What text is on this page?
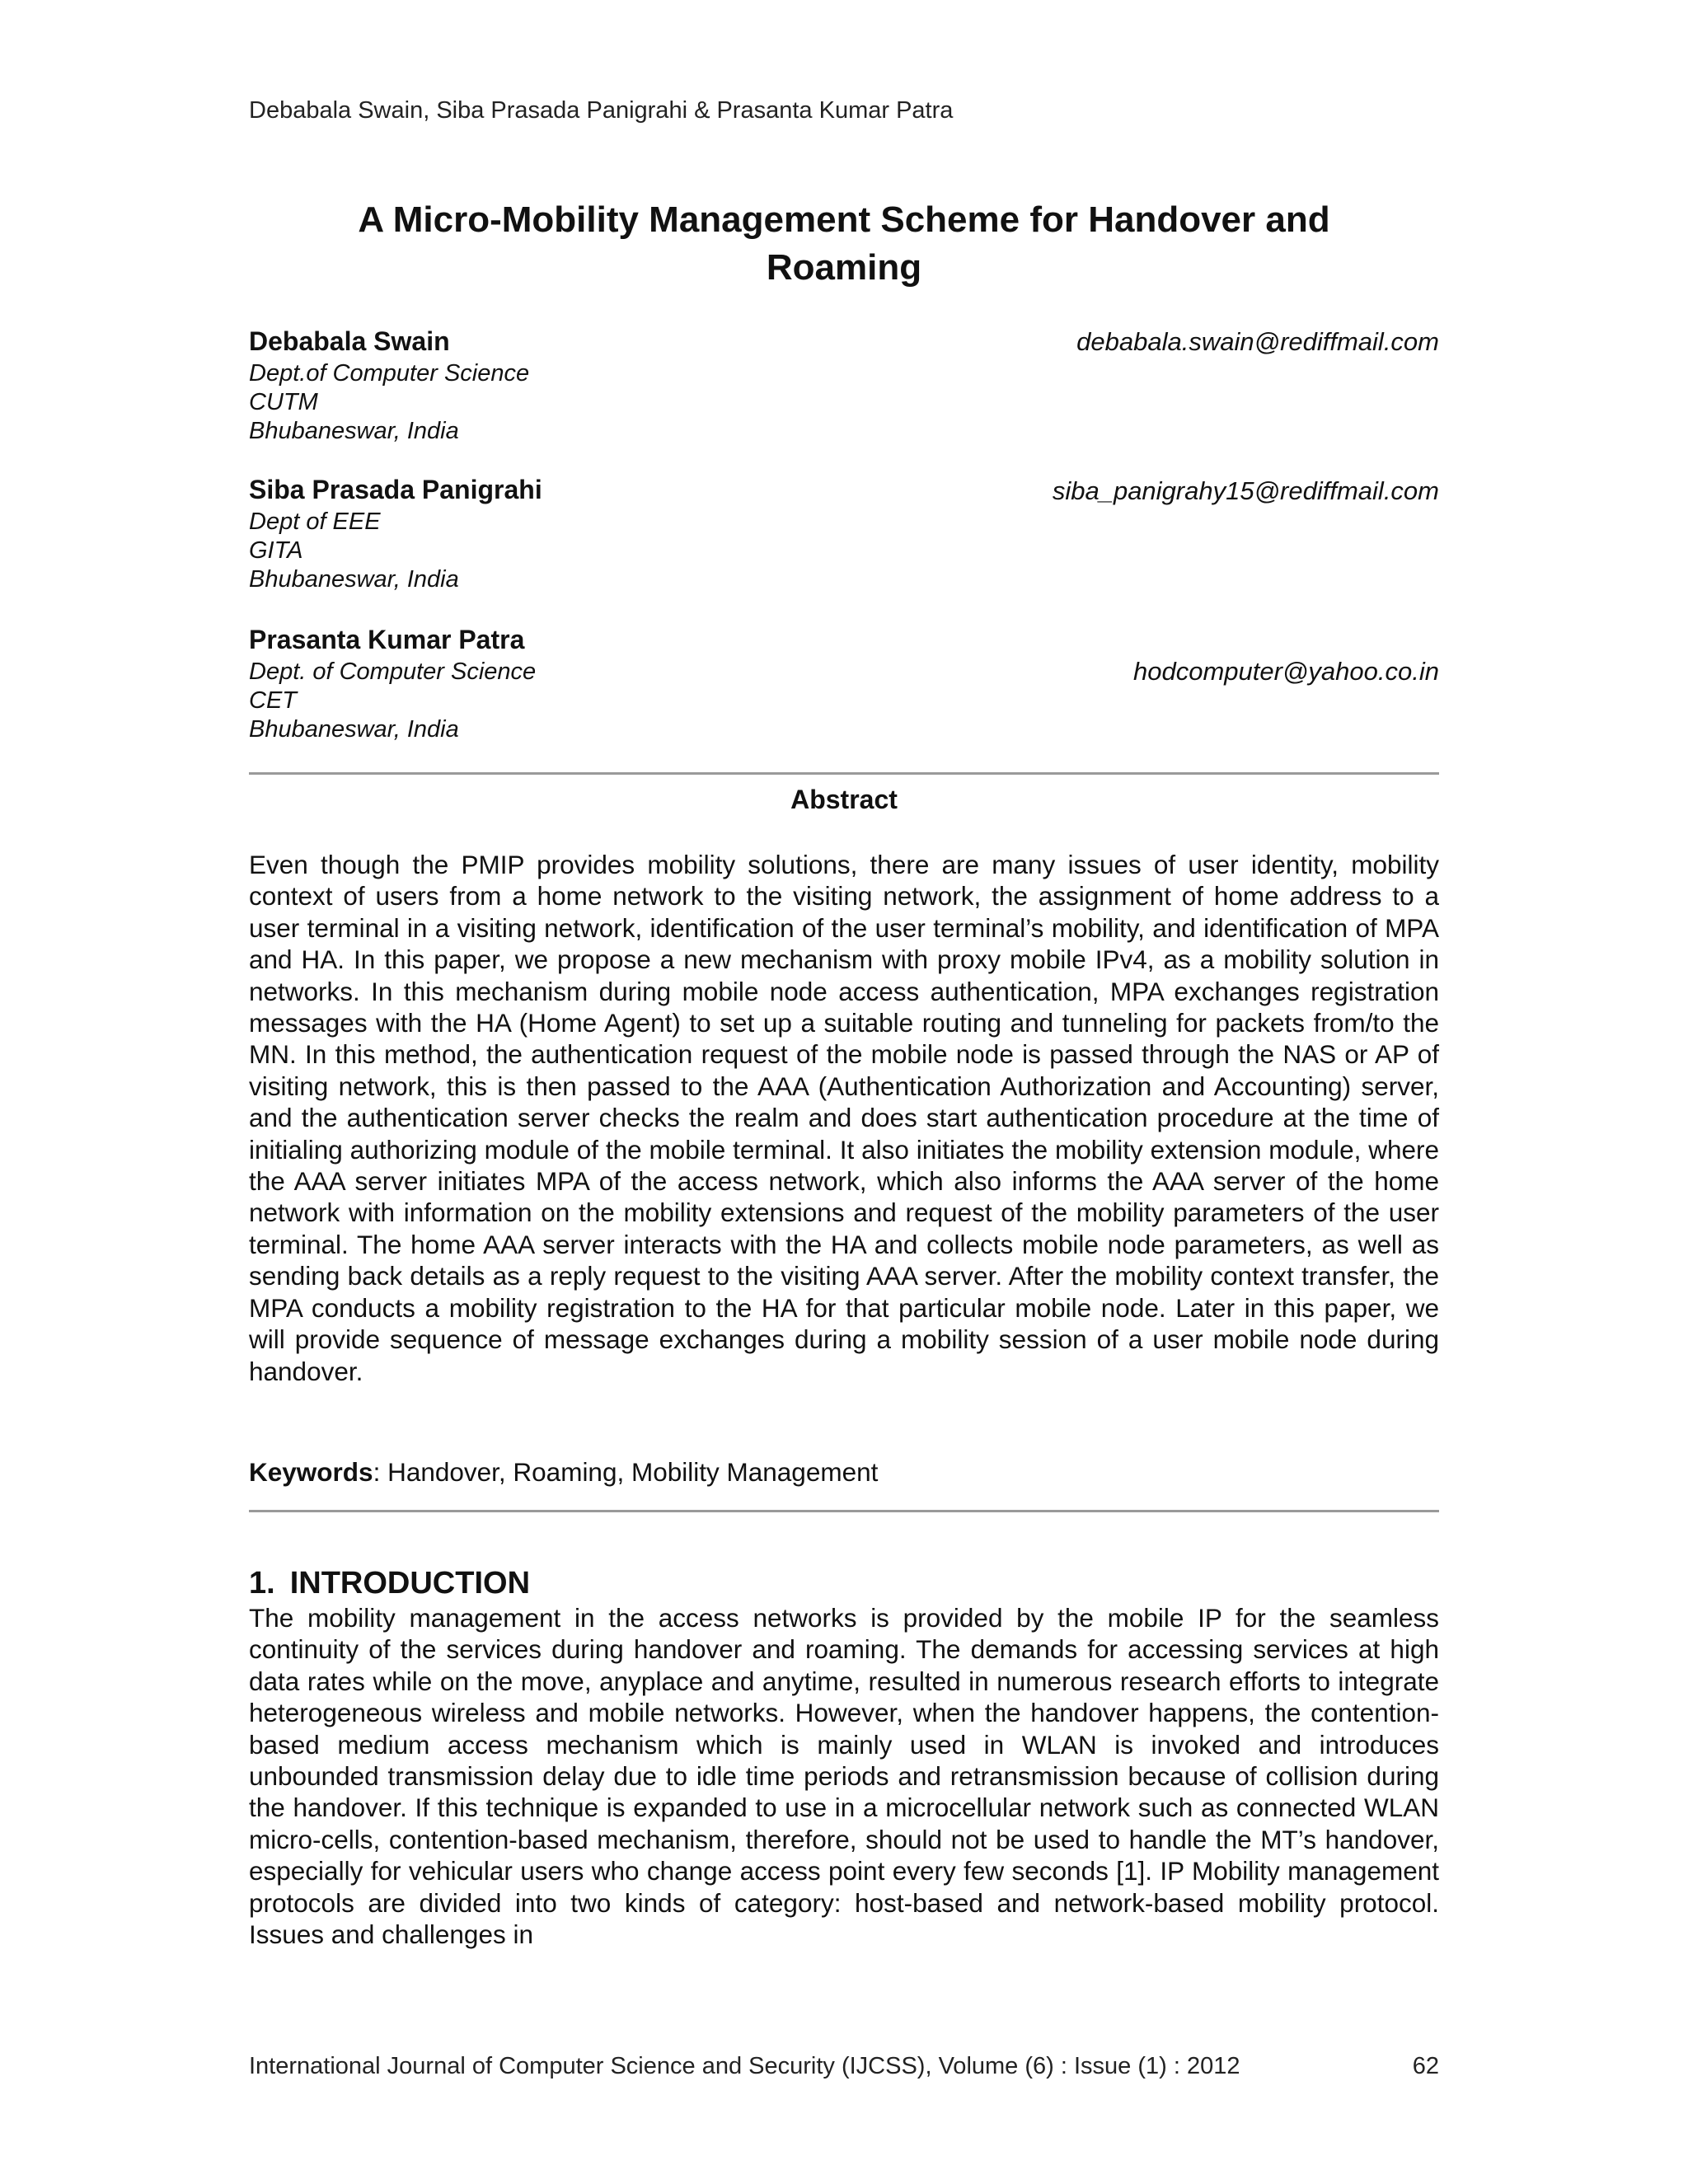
Debabala Swain, Siba Prasada Panigrahi & Prasanta Kumar Patra
A Micro-Mobility Management Scheme for Handover and
Roaming
Debabala Swain	debabala.swain@rediffmail.com
Dept.of Computer Science
CUTM
Bhubaneswar, India
Siba Prasada Panigrahi	siba_panigrahy15@rediffmail.com
Dept of EEE
GITA
Bhubaneswar, India
Prasanta Kumar Patra
hodcomputer@yahoo.co.in
Dept. of Computer Science
CET
Bhubaneswar, India
Abstract
Even though the PMIP provides mobility solutions, there are many issues of user identity, mobility context of users from a home network to the visiting network, the assignment of home address to a user terminal in a visiting network, identification of the user terminal’s mobility, and identification of MPA and HA. In this paper, we propose a new mechanism with proxy mobile IPv4, as a mobility solution in networks. In this mechanism during mobile node access authentication, MPA exchanges registration messages with the HA (Home Agent) to set up a suitable routing and tunneling for packets from/to the MN. In this method, the authentication request of the mobile node is passed through the NAS or AP of visiting network, this is then passed to the AAA (Authentication Authorization and Accounting) server, and the authentication server checks the realm and does start authentication procedure at the time of initialing authorizing module of the mobile terminal. It also initiates the mobility extension module, where the AAA server initiates MPA of the access network, which also informs the AAA server of the home network with information on the mobility extensions and request of the mobility parameters of the user terminal. The home AAA server interacts with the HA and collects mobile node parameters, as well as sending back details as a reply request to the visiting AAA server. After the mobility context transfer, the MPA conducts a mobility registration to the HA for that particular mobile node. Later in this paper, we will provide sequence of message exchanges during a mobility session of a user mobile node during handover.
Keywords: Handover, Roaming, Mobility Management
1. INTRODUCTION
The mobility management in the access networks is provided by the mobile IP for the seamless continuity of the services during handover and roaming. The demands for accessing services at high data rates while on the move, anyplace and anytime, resulted in numerous research efforts to integrate heterogeneous wireless and mobile networks. However, when the handover happens, the contention-based medium access mechanism which is mainly used in WLAN is invoked and introduces unbounded transmission delay due to idle time periods and retransmission because of collision during the handover. If this technique is expanded to use in a microcellular network such as connected WLAN micro-cells, contention-based mechanism, therefore, should not be used to handle the MT’s handover, especially for vehicular users who change access point every few seconds [1]. IP Mobility management protocols are divided into two kinds of category: host-based and network-based mobility protocol. Issues and challenges in
International Journal of Computer Science and Security (IJCSS), Volume (6) : Issue (1) : 2012	62
